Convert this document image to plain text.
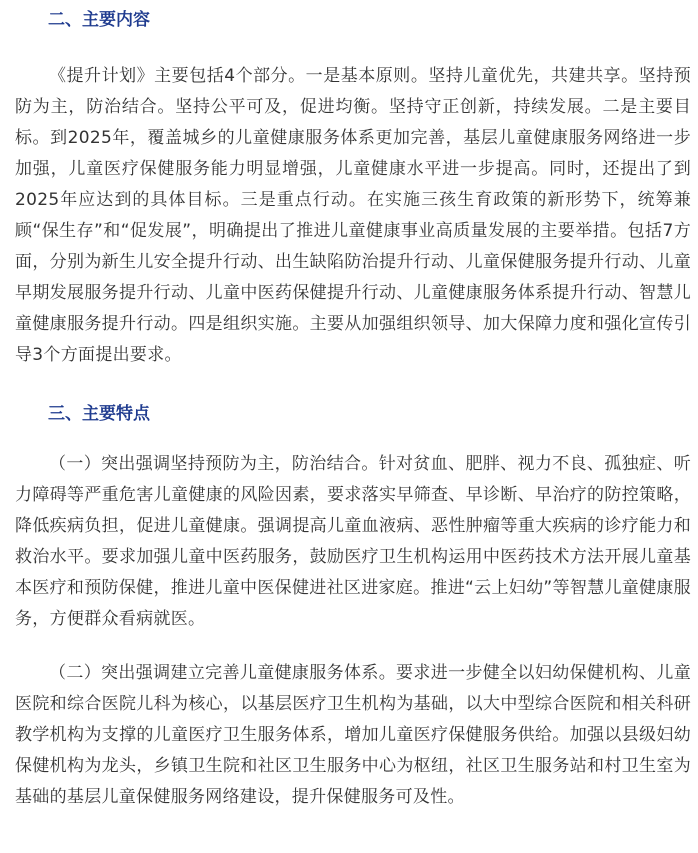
二、主要内容

《提升计划》主要包括4个部分。一是基本原则。坚持儿童优先，共建共享。坚持预防为主，防治结合。坚持公平可及，促进均衡。坚持守正创新，持续发展。二是主要目标。到2025年，覆盖城乡的儿童健康服务体系更加完善，基层儿童健康服务网络进一步加强，儿童医疗保健服务能力明显增强，儿童健康水平进一步提高。同时，还提出了到2025年应达到的具体目标。三是重点行动。在实施三孩生育政策的新形势下，统筹兼顾“保生存”和“促发展”，明确提出了推进儿童健康事业高质量发展的主要举措。包括7方面，分别为新生儿安全提升行动、出生缺陷防治提升行动、儿童保健服务提升行动、儿童早期发展服务提升行动、儿童中医药保健提升行动、儿童健康服务体系提升行动、智慧儿童健康服务提升行动。四是组织实施。主要从加强组织领导、加大保障力度和强化宣传引导3个方面提出要求。

三、主要特点

（一）突出强调坚持预防为主，防治结合。针对贫血、肥胖、视力不良、孤独症、听力障碍等严重危害儿童健康的风险因素，要求落实早筛查、早诊断、早治疗的防控策略，降低疾病负担，促进儿童健康。强调提高儿童血液病、恶性肿瘤等重大疾病的诊疗能力和救治水平。要求加强儿童中医药服务，鼓励医疗卫生机构运用中医药技术方法开展儿童基本医疗和预防保健，推进儿童中医保健进社区进家庭。推进“云上妇幼”等智慧儿童健康服务，方便群众看病就医。

（二）突出强调建立完善儿童健康服务体系。要求进一步健全以妇幼保健机构、儿童医院和综合医院儿科为核心，以基层医疗卫生机构为基础，以大中型综合医院和相关科研教学机构为支撑的儿童医疗卫生服务体系，增加儿童医疗保健服务供给。加强以县级妇幼保健机构为龙头，乡镇卫生院和社区卫生服务中心为枢纽，社区卫生服务站和村卫生室为基础的基层儿童保健服务网络建设，提升保健服务可及性。
